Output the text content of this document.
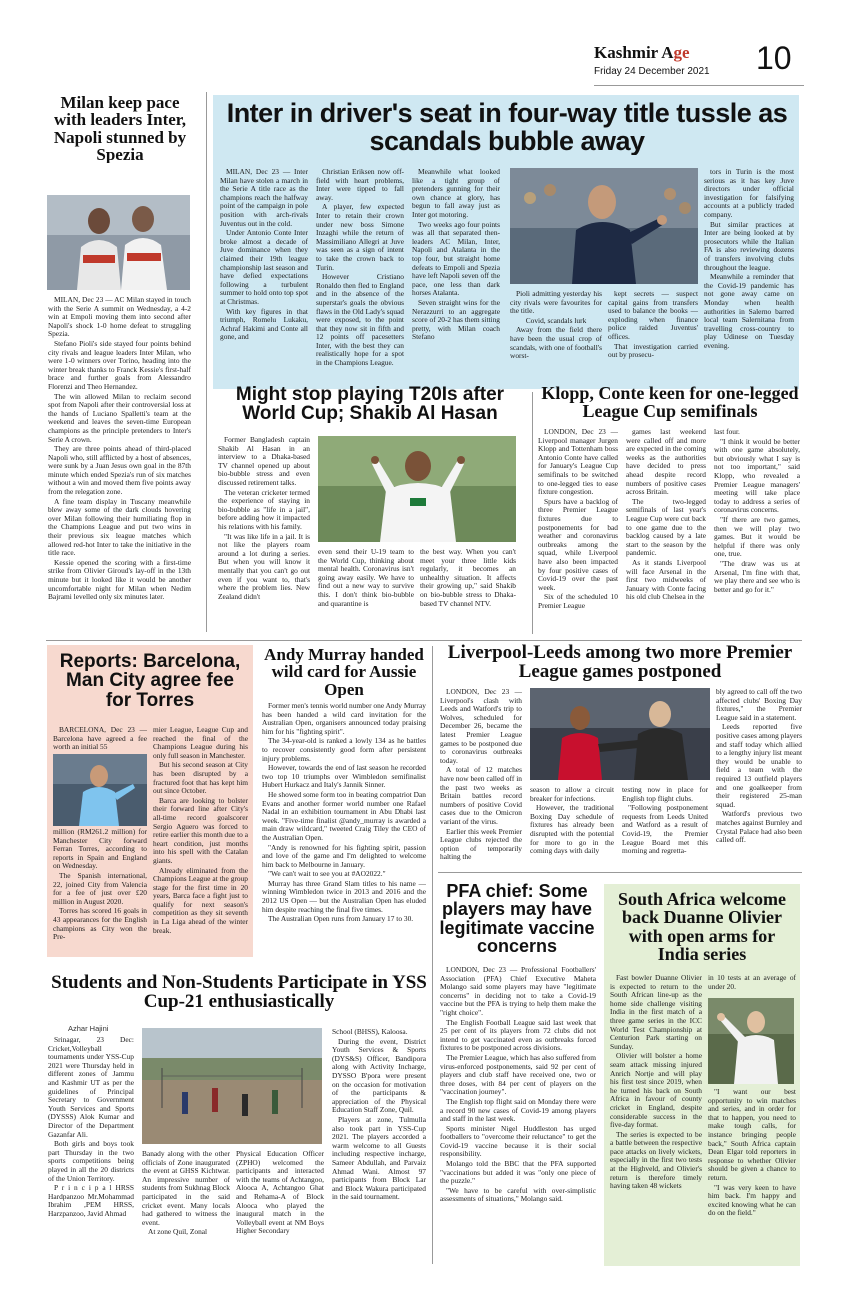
Kashmir Age
Friday 24 December 2021 10
Milan keep pace with leaders Inter, Napoli stunned by Spezia

MILAN, Dec 23 — AC Milan stayed in touch with the Serie A summit on Wednesday, a 4-2 win at Empoli moving them into second after Napoli's shock 1-0 home defeat to struggling Spezia.

Stefano Pioli's side stayed four points behind city rivals and league leaders Inter Milan, who were 1-0 winners over Torino, heading into the winter break thanks to Franck Kessie's first-half brace and further goals from Alessandro Florenzi and Theo Hernandez.

The win allowed Milan to reclaim second spot from Napoli after their controversial loss at the hands of Luciano Spalletti's team at the weekend and leaves the seven-time European champions as the principle pretenders to Inter's Serie A crown.

They are three points ahead of third-placed Napoli who, still afflicted by a host of absences, were sunk by a Juan Jesus own goal in the 87th minute which ended Spezia's run of six matches without a win and moved them five points away from the relegation zone.

A fine team display in Tuscany meanwhile blew away some of the dark clouds hovering over Milan following their humiliating flop in the Champions League and put two wins in their previous six league matches which allowed red-hot Inter to take the initiative in the title race.

Kessie opened the scoring with a first-time strike from Olivier Giroud's lay-off in the 13th minute but it looked like it would be another uncomfortable night for Milan when Nedim Bajrami levelled only six minutes later.

Inter in driver's seat in four-way title tussle as scandals bubble away

MILAN, Dec 23 — Inter Milan have stolen a march in the Serie A title race as the champions reach the halfway point of the campaign in pole position with arch-rivals Juventus out in the cold.

Under Antonio Conte Inter broke almost a decade of Juve dominance when they claimed their 19th league championship last season and have defied expectations following a turbulent summer to hold onto top spot at Christmas.

With key figures in that triumph, Romelu Lukaku, Achraf Hakimi and Conte all gone, and

Christian Eriksen now off-field with heart problems, Inter were tipped to fall away.

A player, few expected Inter to retain their crown under new boss Simone Inzaghi while the return of Massimiliano Allegri at Juve was seen as a sign of intent to take the crown back to Turin.

However Cristiano Ronaldo then fled to England and in the absence of the superstar's goals the obvious flaws in the Old Lady's squad were exposed, to the point that they now sit in fifth and 12 points off pacesetters Inter, with the best they can realistically hope for a spot in the Champions League.

Meanwhile what looked like a tight group of pretenders gunning for their own chance at glory, has begun to fall away just as Inter got motoring.

Two weeks ago four points was all that separated then-leaders AC Milan, Inter, Napoli and Atalanta in the top four, but straight home defeats to Empoli and Spezia have left Napoli seven off the pace, one less than dark horses Atalanta.

Seven straight wins for the Nerazzurri to an aggregate score of 20-2 has them sitting pretty, with Milan coach Stefano

Pioli admitting yesterday his city rivals were favourites for the title.

Covid, scandals lurk

Away from the field there have been the usual crop of scandals, with one of football's worst-

kept secrets — suspect capital gains from transfers used to balance the books — exploding when finance police raided Juventus' offices.

That investigation carried out by prosecu-

tors in Turin is the most serious as it has key Juve directors under official investigation for falsifying accounts at a publicly traded company.

But similar practices at Inter are being looked at by prosecutors while the Italian FA is also reviewing dozens of transfers involving clubs throughout the league.

Meanwhile a reminder that the Covid-19 pandemic has not gone away came on Monday when health authorities in Salerno barred local team Salernitana from travelling cross-country to play Udinese on Tuesday evening.

Might stop playing T20Is after World Cup; Shakib Al Hasan

Former Bangladesh captain Shakib Al Hasan in an interview to a Dhaka-based TV channel opened up about bio-bubble stress and even discussed retirement talks.

The veteran cricketer termed the experience of staying in bio-bubble as "life in a jail", before adding how it impacted his relations with his family.

"It was like life in a jail. It is not like the players roam around a lot during a series. But when you will know it mentally that you can't go out even if you want to, that's where the problem lies. New Zealand didn't

even send their U-19 team to the World Cup, thinking about mental health. Coronavirus isn't going away easily. We have to find out a new way to survive this. I don't think bio-bubble and quarantine is

the best way. When you can't meet your three little kids regularly, it becomes an unhealthy situation. It affects their growing up," said Shakib on bio-bubble stress to Dhaka-based TV channel NTV.

Klopp, Conte keen for one-legged League Cup semifinals

LONDON, Dec 23 — Liverpool manager Jurgen Klopp and Tottenham boss Antonio Conte have called for January's League Cup semifinals to be switched to one-legged ties to ease fixture congestion.

Spurs have a backlog of three Premier League fixtures due to postponements for bad weather and coronavirus outbreaks among the squad, while Liverpool have also been impacted by four positive cases of Covid-19 over the past week.

Six of the scheduled 10 Premier League

games last weekend were called off and more are expected in the coming weeks as the authorities have decided to press ahead despite record numbers of positive cases across Britain.

The two-legged semifinals of last year's League Cup were cut back to one game due to the backlog caused by a late start to the season by the pandemic.

As it stands Liverpool will face Arsenal in the first two midweeks of January with Conte facing his old club Chelsea in the

last four.

"I think it would be better with one game absolutely, but obviously what I say is not too important," said Klopp, who revealed a Premier League managers' meeting will take place today to address a series of coronavirus concerns.

"If there are two games, then we will play two games. But it would be helpful if there was only one, true.

"The draw was us at Arsenal, I'm fine with that, we play there and see who is better and go for it."

Reports: Barcelona, Man City agree fee for Torres

BARCELONA, Dec 23 — Barcelona have agreed a fee worth an initial 55

million (RM261.2 million) for Manchester City forward Ferran Torres, according to reports in Spain and England on Wednesday.

The Spanish international, 22, joined City from Valencia for a fee of just over £20 million in August 2020.

Torres has scored 16 goals in 43 appearances for the English champions as City won the Pre-

mier League, League Cup and reached the final of the Champions League during his only full season in Manchester.

But his second season at City has been disrupted by a fractured foot that has kept him out since October.

Barca are looking to bolster their forward line after City's all-time record goalscorer Sergio Aguero was forced to retire earlier this month due to a heart condition, just months into his spell with the Catalan giants.

Already eliminated from the Champions League at the group stage for the first time in 20 years, Barca face a fight just to qualify for next season's competition as they sit seventh in La Liga ahead of the winter break.

Andy Murray handed wild card for Aussie Open

Former men's tennis world number one Andy Murray has been handed a wild card invitation for the Australian Open, organisers announced today praising him for his "fighting spirit".

The 34-year-old is ranked a lowly 134 as he battles to recover consistently good form after persistent injury problems.

However, towards the end of last season he recorded two top 10 triumphs over Wimbledon semifinalist Hubert Hurkacz and Italy's Jannik Sinner.

He showed some form too in beating compatriot Dan Evans and another former world number one Rafael Nadal in an exhibition tournament in Abu Dhabi last week. "Five-time finalist @andy_murray is awarded a main draw wildcard," tweeted Craig Tiley the CEO of the Australian Open.

"Andy is renowned for his fighting spirit, passion and love of the game and I'm delighted to welcome him back to Melbourne in January.

"We can't wait to see you at #AO2022."

Murray has three Grand Slam titles to his name — winning Wimbledon twice in 2013 and 2016 and the 2012 US Open — but the Australian Open has eluded him despite reaching the final five times.

The Australian Open runs from January 17 to 30.

Liverpool-Leeds among two more Premier League games postponed

LONDON, Dec 23 — Liverpool's clash with Leeds and Watford's trip to Wolves, scheduled for December 26, became the latest Premier League games to be postponed due to coronavirus outbreaks today.

A total of 12 matches have now been called off in the past two weeks as Britain battles record numbers of positive Covid cases due to the Omicron variant of the virus.

Earlier this week Premier League clubs rejected the option of temporarily halting the

season to allow a circuit breaker for infections.

However, the traditional Boxing Day schedule of fixtures has already been disrupted with the potential for more to go in the coming days with daily

testing now in place for English top flight clubs.

"Following postponement requests from Leeds United and Watford as a result of Covid-19, the Premier League Board met this morning and regretta-

bly agreed to call off the two affected clubs' Boxing Day fixtures," the Premier League said in a statement.

Leeds reported five positive cases among players and staff today which allied to a lengthy injury list meant they would be unable to field a team with the required 13 outfield players and one goalkeeper from their registered 25-man squad.

Watford's previous two matches against Burnley and Crystal Palace had also been called off.

Students and Non-Students Participate in YSS Cup-21 enthusiastically
Azhar Hajini

Srinagar, 23 Dec: Cricket,Volleyball tournaments under YSS-Cup 2021 were Thursday held in different zones of Jammu and Kashmir UT as per the guidelines of Principal Secretary to Government Youth Services and Sports (DYSSS) Alok Kumar and Director of the Department Gazanfar Ali.

Both girls and boys took part Thursday in the two sports competitions being played in all the 20 districts of the Union Territory.

P r i n c i p a l HRSS Hardpanzoo Mr.Mohammad Ibrahim ,PEM HRSS, Harzpanzoo, Javid Ahmad

Banady along with the other officials of Zone inaugurated the event at GHSS Kichtwar. An impressive number of students from Sukhnag Block participated in the said cricket event. Many locals had gathered to witness the event.

At zone Quil, Zonal

Physical Education Officer (ZPHO) welcomed the participants and interacted with the teams of Achtangoo, Alooca A, Achtangoo Ghat and Rehama-A of Block Alooca who played the inaugural match in the Volleyball event at NM Boys Higher Secondary

School (BHSS), Kaloosa.

During the event, District Youth Services & Sports (DYS&S) Officer, Bandipora along with Activity Incharge, DYSSO B'pora were present on the occasion for motivation of the participants & appreciation of the Physical Education Staff Zone, Quil.

Players at zone, Tulmulla also took part in YSS-Cup 2021. The players accorded a warm welcome to all Guests including respective incharge, Sameer Abdullah, and Parvaiz Ahmad Wani. Almost 97 participants from Block Lar and Block Wakura participated in the said tournament.

PFA chief: Some players may have legitimate vaccine concerns

LONDON, Dec 23 — Professional Footballers' Association (PFA) Chief Executive Maheta Molango said some players may have "legitimate concerns" in deciding not to take a Covid-19 vaccine but the PFA is trying to help them make the "right choice".

The English Football League said last week that 25 per cent of its players from 72 clubs did not intend to get vaccinated even as outbreaks forced fixtures to be postponed across divisions.

The Premier League, which has also suffered from virus-enforced postponements, said 92 per cent of players and club staff have received one, two or three doses, with 84 per cent of players on the "vaccination journey".

The English top flight said on Monday there were a record 90 new cases of Covid-19 among players and staff in the last week.

Sports minister Nigel Huddleston has urged footballers to "overcome their reluctance" to get the Covid-19 vaccine because it is their social responsibility.

Molango told the BBC that the PFA supported "vaccinations but added it was "only one piece of the puzzle."

"We have to be careful with over-simplistic assessments of situations," Molango said.

South Africa welcome back Duanne Olivier with open arms for India series

Fast bowler Duanne Olivier is expected to return to the South African line-up as the home side challenge visiting India in the first match of a three game series in the ICC World Test Championship at Centurion Park starting on Sunday.

Olivier will bolster a home seam attack missing injured Anrich Nortje and will play his first test since 2019, when he turned his back on South Africa in favour of county cricket in England, despite considerable success in the five-day format.

The series is expected to be a battle between the respective pace attacks on lively wickets, especially in the first two tests at the Highveld, and Olivier's return is therefore timely having taken 48 wickets

in 10 tests at an average of under 20.

"I want our best opportunity to win matches and series, and in order for that to happen, you need to make tough calls, for instance bringing people back," South Africa captain Dean Elgar told reporters in response to whether Olivier should be given a chance to return.

"I was very keen to have him back. I'm happy and excited knowing what he can do on the field."
